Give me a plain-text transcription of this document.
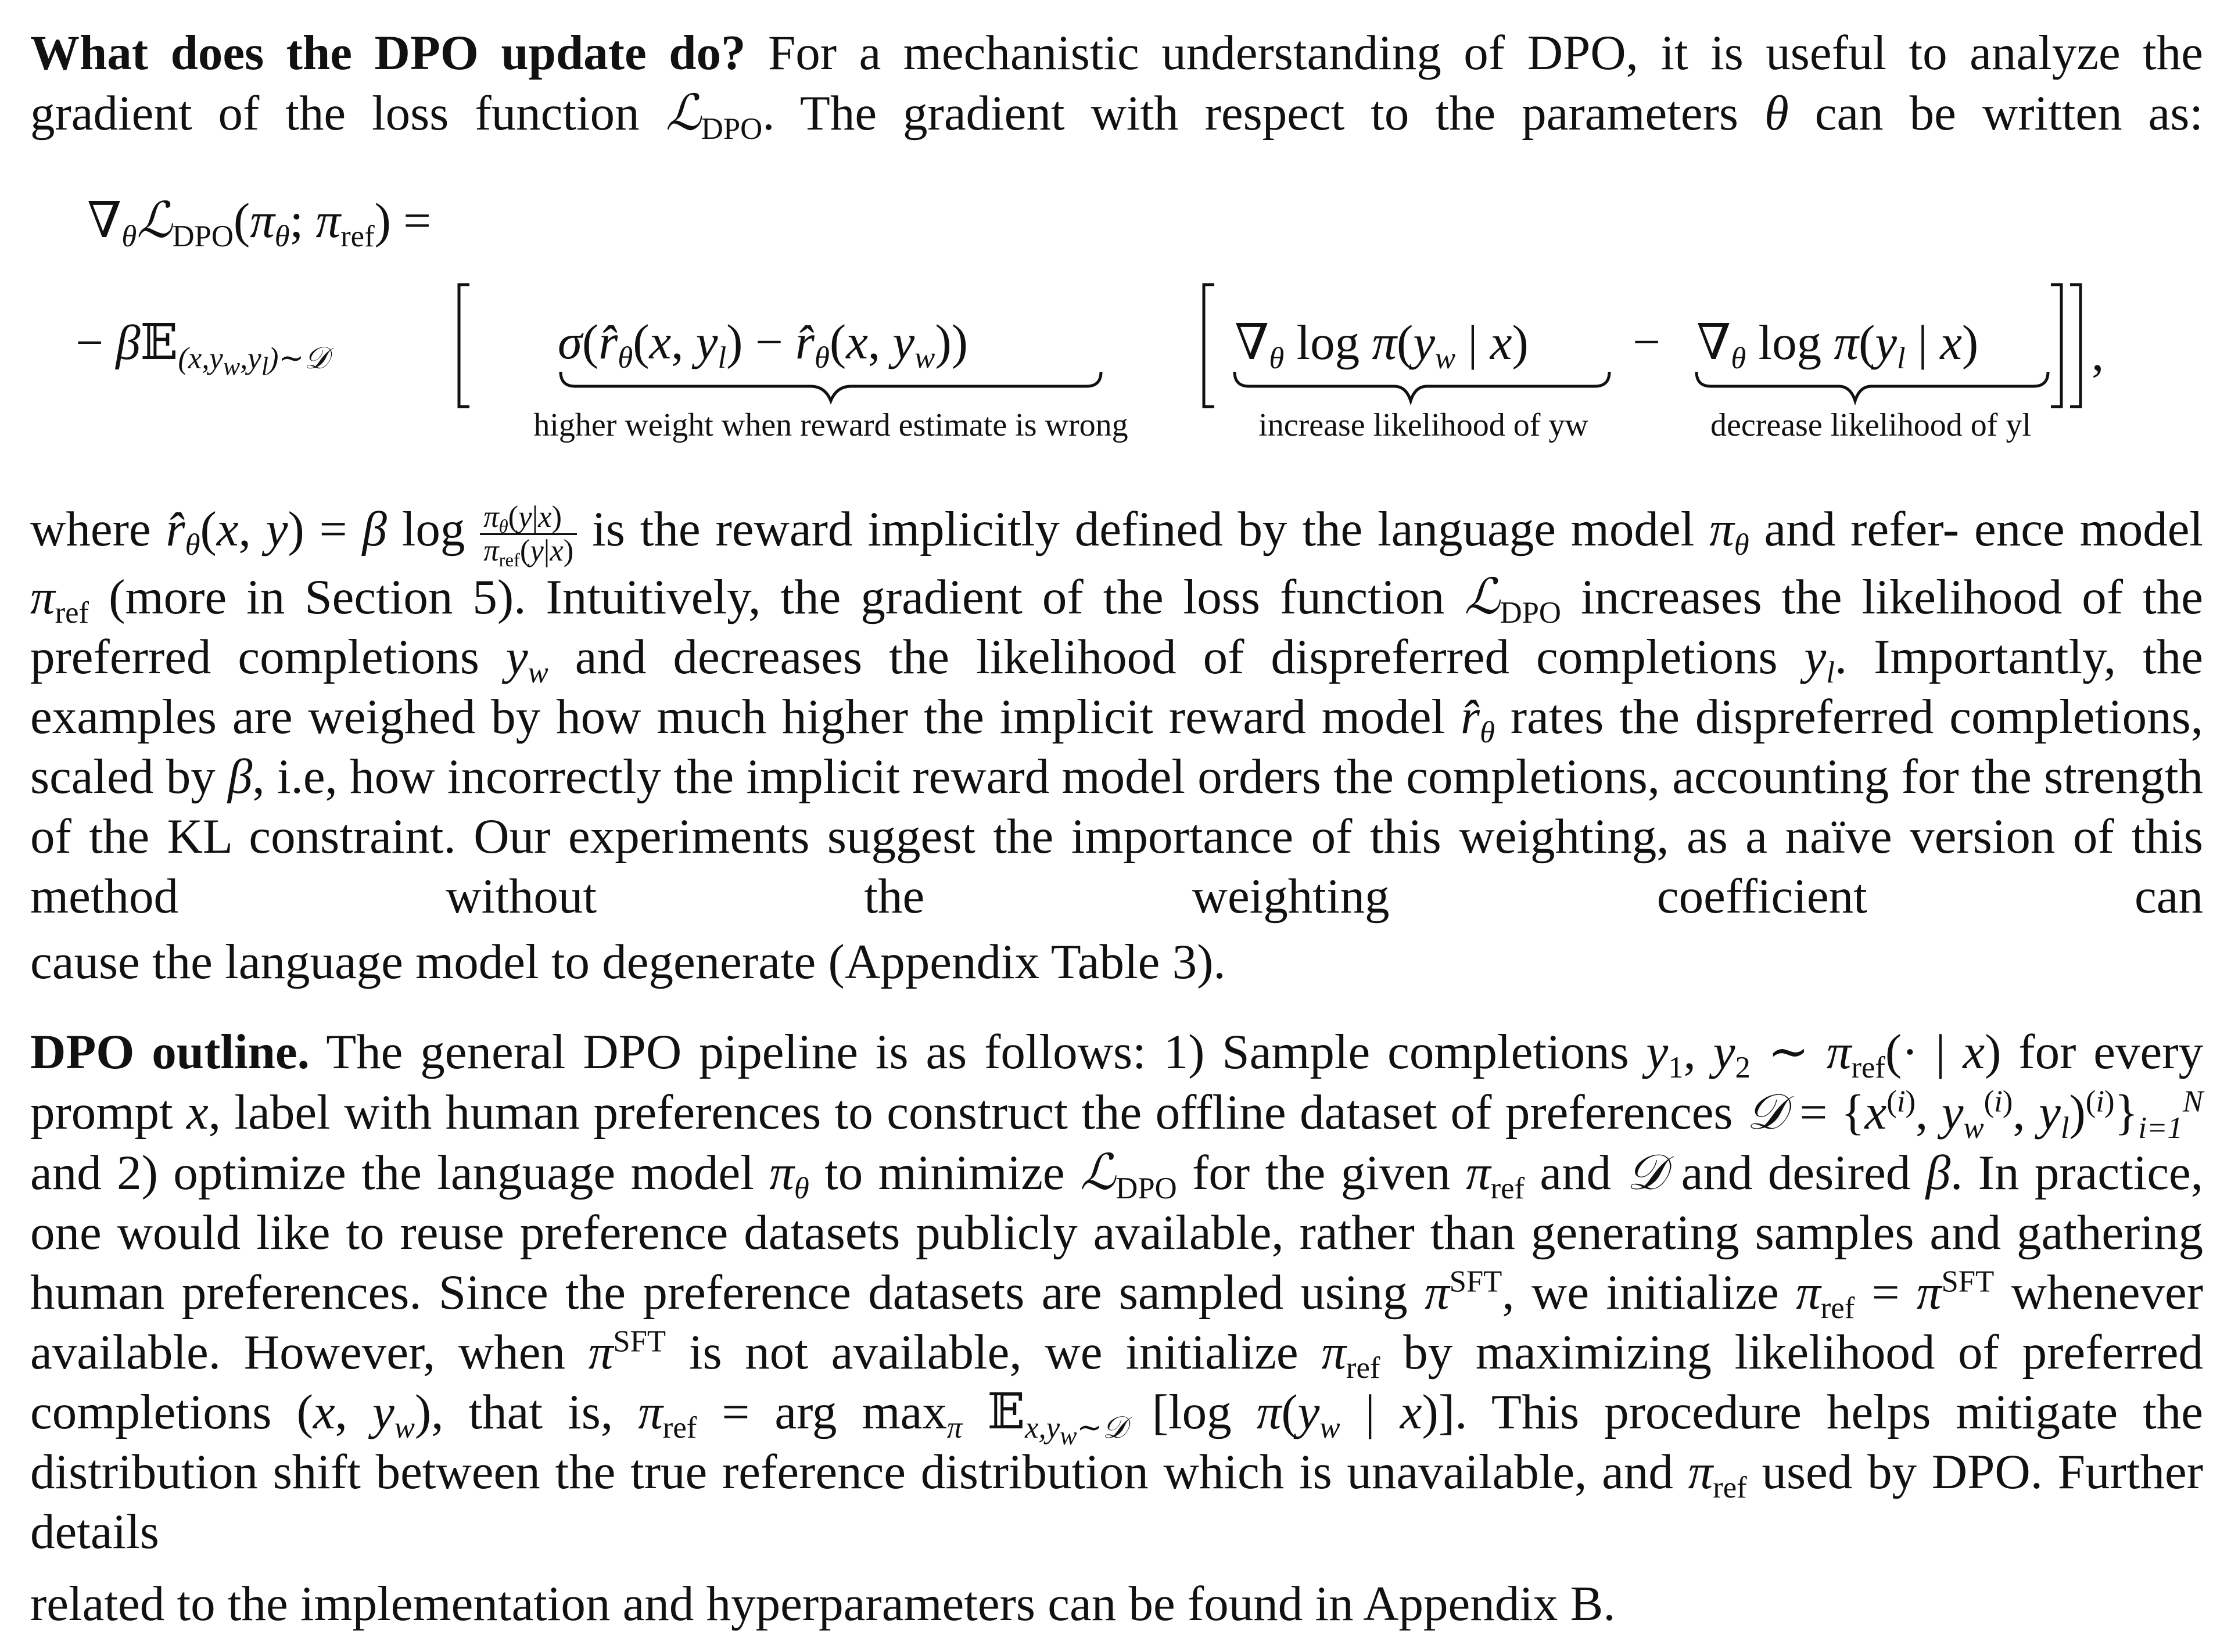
What does the DPO update do? For a mechanistic understanding of DPO, it is useful to analyze the gradient of the loss function ℒ$_{DPO}$. The gradient with respect to the parameters θ can be written as:
$\nabla_\theta ℒ_{DPO}(\pi_\theta$; $\pi_{ref}$) =
− β𝔼$_{(x,y_w,y_l)\sim 𝒟}$	$\sigma(r̂_\theta(x$, $y_l$) − $r̂_\theta(x$, $y_w$))	$\nabla_\theta$ $\log \pi(y_w$ | $x) - \nabla_\theta$ $\log \pi(y_l$ | x) ,
higher weight when reward estimate is wrong	increase likelihood of yw	decrease likelihood of yl
where $r̂_\theta(x$, y) = β $\log \frac{\pi_\theta(y|x)}{\pi_{ref}(y|x)}$ is the reward implicitly defined by the language model $\pi_\theta$ and refer- ence model $\pi_{ref}$ (more in Section 5). Intuitively, the gradient of the loss function ℒ$_{DPO}$ increases the likelihood of the preferred completions $y_w$ and decreases the likelihood of dispreferred completions $y_l$. Importantly, the examples are weighed by how much higher the implicit reward model $r̂_\theta$ rates the dispreferred completions, scaled by β, i.e, how incorrectly the implicit reward model orders the completions, accounting for the strength of the KL constraint. Our experiments suggest the importance of this weighting, as a naïve version of this method without the weighting coefficient can
cause the language model to degenerate (Appendix Table 3).
DPO outline. The general DPO pipeline is as follows: 1) Sample completions $y_1$, $y_2$ ∼ $\pi_{ref}(\cdot$ | x) for every prompt x, label with human preferences to construct the offline dataset of preferences 𝒟 = {$x^{(i)}$, $y_w^{(i)}$, $y_l)^{(i)}\}_{i=1}^N$ and 2) optimize the language model $\pi_\theta$ to minimize ℒ$_{DPO}$ for the given $\pi_{ref}$ and 𝒟 and desired β. In practice, one would like to reuse preference datasets publicly available, rather than generating samples and gathering human preferences. Since the preference datasets are sampled using $\pi^{SFT}$, we initialize $\pi_{ref} = \pi^{SFT}$ whenever available. However, when $\pi^{SFT}$ is not available, we initialize $\pi_{ref}$ by maximizing likelihood of preferred completions (x, $y_w$), that is, $\pi_{ref}$ = arg $\max_\pi$ 𝔼$_{x,y_w\sim 𝒟}$ [log $\pi(y_w$ | x)]. This procedure helps mitigate the distribution shift between the true reference distribution which is unavailable, and $\pi_{ref}$ used by DPO. Further details
related to the implementation and hyperparameters can be found in Appendix B.
